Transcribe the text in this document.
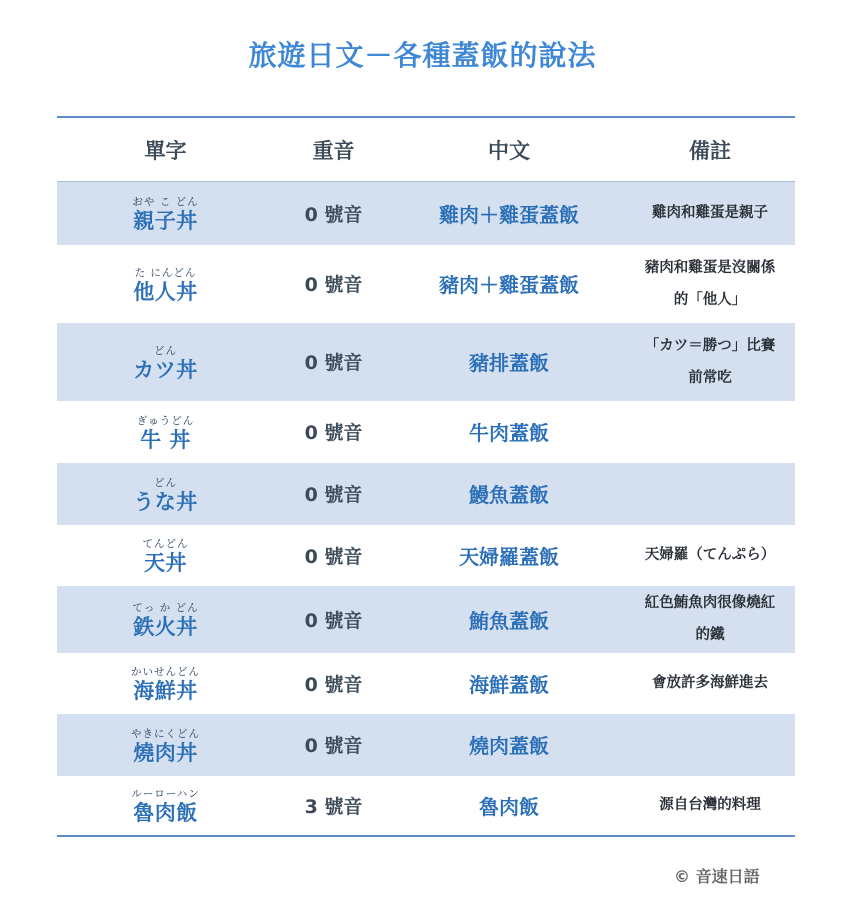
旅遊日文－各種蓋飯的說法
單字	重音	中文	備註

おや こ どん
親子丼	0 號音	雞肉＋雞蛋蓋飯	雞肉和雞蛋是親子

た にんどん
他人丼	0 號音	豬肉＋雞蛋蓋飯	豬肉和雞蛋是沒關係的「他人」

どん
カツ丼	0 號音	豬排蓋飯	「カツ＝勝つ」比賽前常吃

ぎゅうどん
牛 丼	0 號音	牛肉蓋飯	

どん
うな丼	0 號音	鰻魚蓋飯	

てんどん
天丼	0 號音	天婦羅蓋飯	天婦羅（てんぷら）

てっ か どん
鉄火丼	0 號音	鮪魚蓋飯	紅色鮪魚肉很像燒紅的鐵

かいせんどん
海鮮丼	0 號音	海鮮蓋飯	會放許多海鮮進去

やきにくどん
燒肉丼	0 號音	燒肉蓋飯	

ルーローハン
魯肉飯	3 號音	魯肉飯	源自台灣的料理
© 音速日語
